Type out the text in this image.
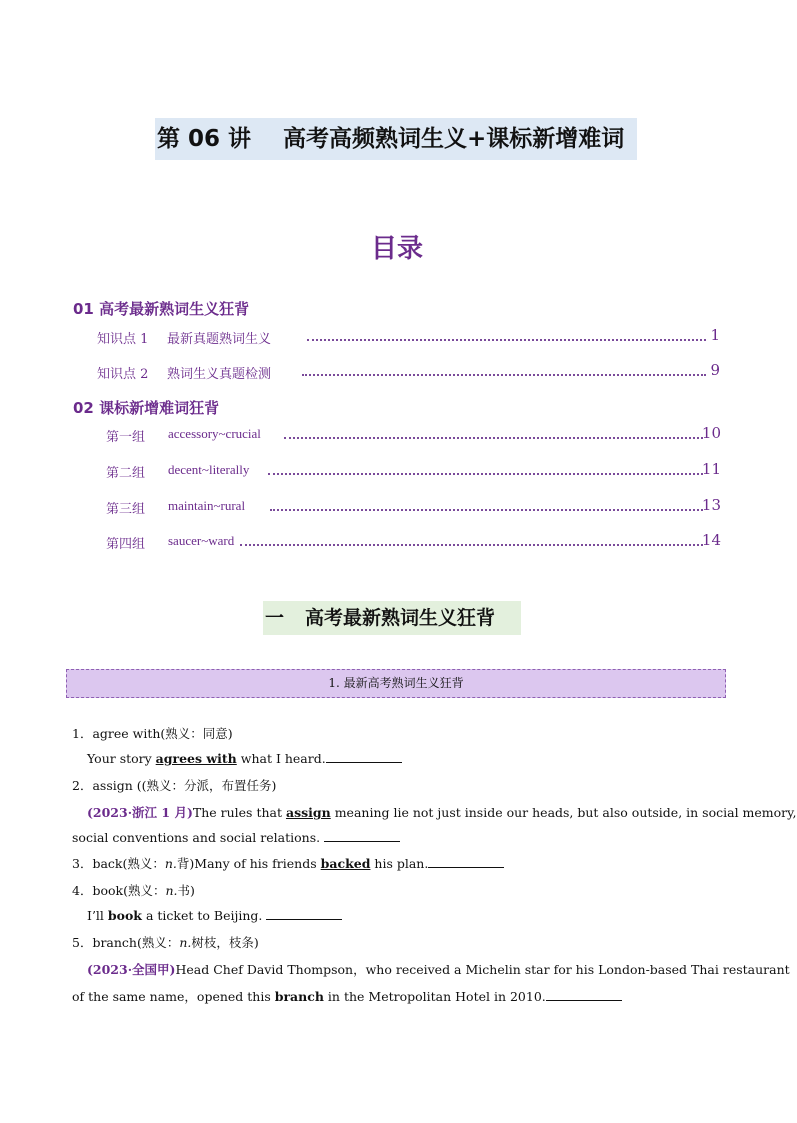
第 06 讲 高考高频熟词生义+课标新增难词
目录
01 高考最新熟词生义狂背
知识点 1 最新真题熟词生义	1
知识点 2 熟词生义真题检测	9
02 课标新增难词狂背
第一组 accessory~crucial	10
第二组 decent~literally	11
第三组 maintain~rural	13
第四组 saucer~ward	14
一 高考最新熟词生义狂背
1. 最新高考熟词生义狂背
1．agree with(熟义：同意)
Your story agrees with what I heard.
2．assign ((熟义：分派，布置任务)
(2023·浙江 1 月)The rules that assign meaning lie not just inside our heads, but also outside, in social memory,
social conventions and social relations.
3．back(熟义：n.背)Many of his friends backed his plan.
4．book(熟义：n.书)
I’ll book a ticket to Beijing.
5．branch(熟义：n.树枝，枝条)
(2023·全国甲)Head Chef David Thompson，who received a Michelin star for his London-based Thai restaurant
of the same name，opened this branch in the Metropolitan Hotel in 2010.
